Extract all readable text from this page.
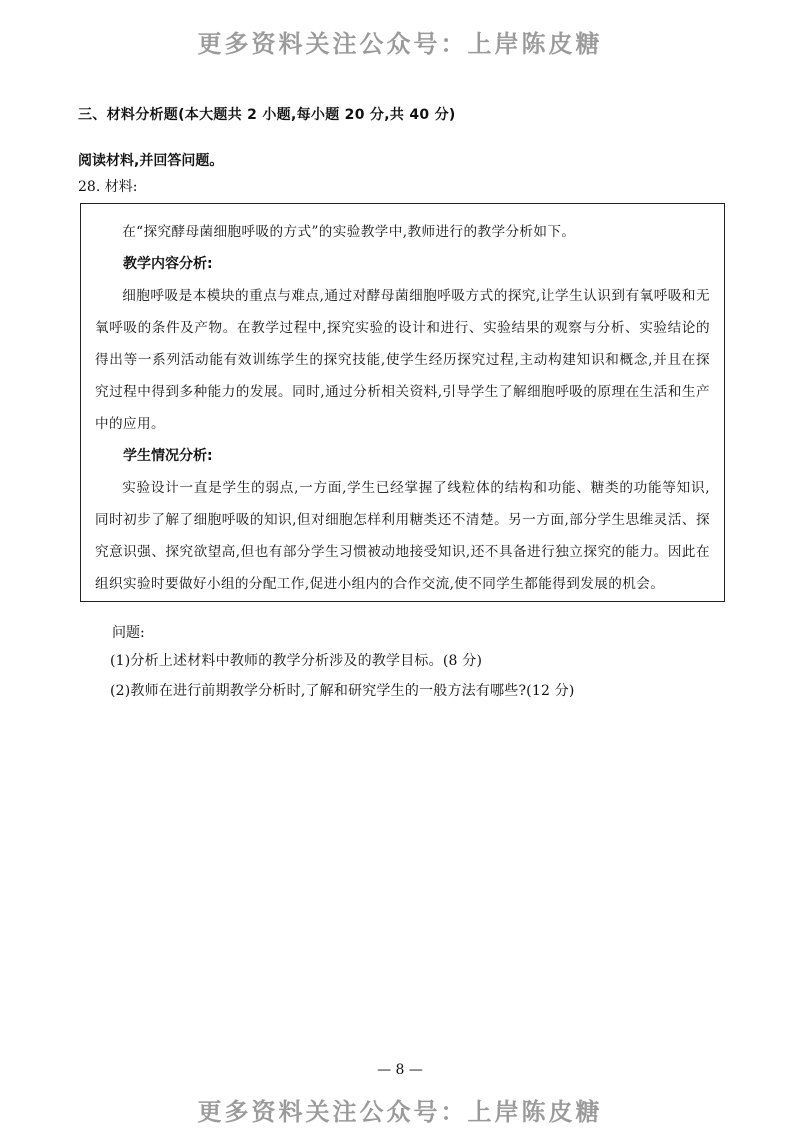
更多资料关注公众号：上岸陈皮糖
三、材料分析题(本大题共 2 小题,每小题 20 分,共 40 分)
阅读材料,并回答问题。
28. 材料:

在“探究酵母菌细胞呼吸的方式”的实验教学中,教师进行的教学分析如下。

教学内容分析:

细胞呼吸是本模块的重点与难点,通过对酵母菌细胞呼吸方式的探究,让学生认识到有氧呼吸和无氧呼吸的条件及产物。在教学过程中,探究实验的设计和进行、实验结果的观察与分析、实验结论的得出等一系列活动能有效训练学生的探究技能,使学生经历探究过程,主动构建知识和概念,并且在探究过程中得到多种能力的发展。同时,通过分析相关资料,引导学生了解细胞呼吸的原理在生活和生产中的应用。

学生情况分析:

实验设计一直是学生的弱点,一方面,学生已经掌握了线粒体的结构和功能、糖类的功能等知识,同时初步了解了细胞呼吸的知识,但对细胞怎样利用糖类还不清楚。另一方面,部分学生思维灵活、探究意识强、探究欲望高,但也有部分学生习惯被动地接受知识,还不具备进行独立探究的能力。因此在组织实验时要做好小组的分配工作,促进小组内的合作交流,使不同学生都能得到发展的机会。

问题:
(1)分析上述材料中教师的教学分析涉及的教学目标。(8 分)
(2)教师在进行前期教学分析时,了解和研究学生的一般方法有哪些?(12 分)
— 8 —
更多资料关注公众号：上岸陈皮糖
